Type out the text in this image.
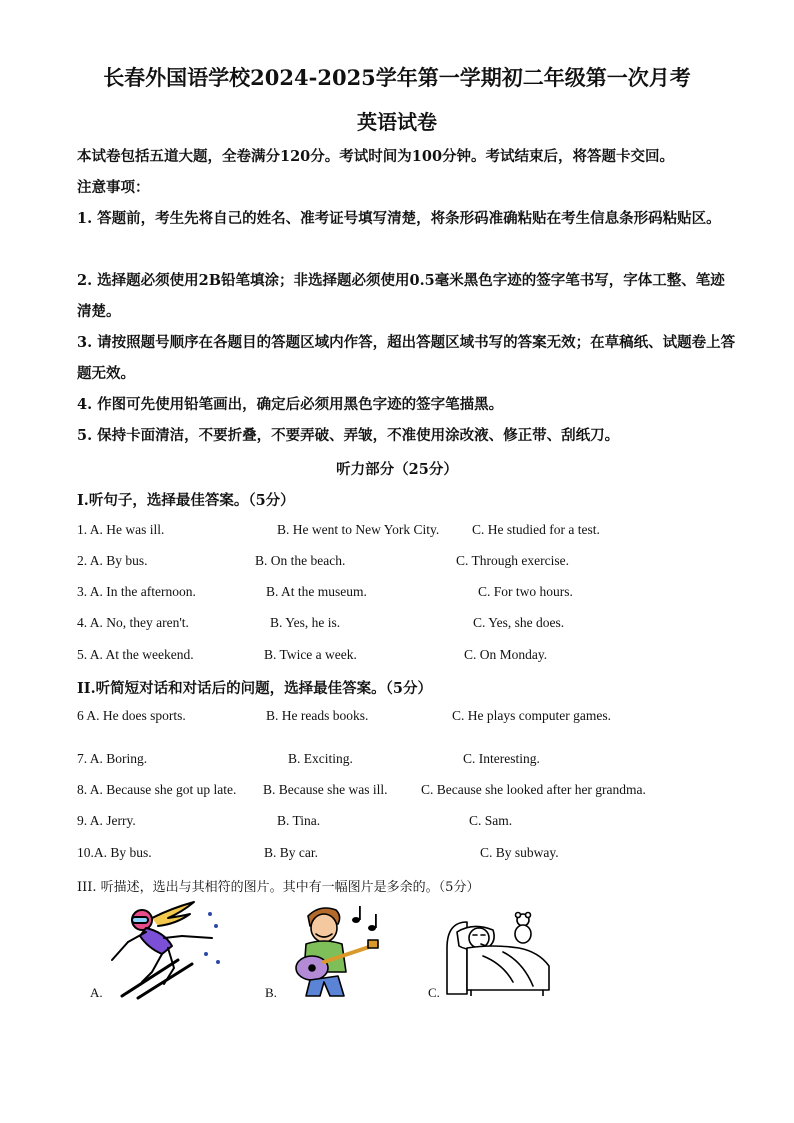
长春外国语学校2024-2025学年第一学期初二年级第一次月考
英语试卷
本试卷包括五道大题，全卷满分120分。考试时间为100分钟。考试结束后，将答题卡交回。
注意事项：
1. 答题前，考生先将自己的姓名、准考证号填写清楚，将条形码准确粘贴在考生信息条形码粘贴区。
2. 选择题必须使用2B铅笔填涂；非选择题必须使用0.5毫米黑色字迹的签字笔书写，字体工整、笔迹清楚。
3. 请按照题号顺序在各题目的答题区域内作答，超出答题区域书写的答案无效；在草稿纸、试题卷上答题无效。
4. 作图可先使用铅笔画出，确定后必须用黑色字迹的签字笔描黑。
5. 保持卡面清洁，不要折叠，不要弄破、弄皱，不准使用涂改液、修正带、刮纸刀。
听力部分（25分）
I.听句子，选择最佳答案。（5分）
1. A. He was ill.	B. He went to New York City. C. He studied for a test.
2. A. By bus.	B. On the beach.	C. Through exercise.
3. A. In the afternoon.	B. At the museum.	C. For two hours.
4. A. No, they aren't.	B. Yes, he is.	C. Yes, she does.
5. A. At the weekend.	B. Twice a week.	C. On Monday.
II.听简短对话和对话后的问题，选择最佳答案。（5分）
6 A. He does sports.	B. He reads books.	C. He plays computer games.
7. A. Boring.	B. Exciting.	C. Interesting.
8. A. Because she got up late. B. Because she was ill. C. Because she looked after her grandma.
9. A. Jerry.	B. Tina.	C. Sam.
10.A. By bus.	B. By car.	C. By subway.
III. 听描述，选出与其相符的图片。其中有一幅图片是多余的。（5分）
A.	B.	C.
